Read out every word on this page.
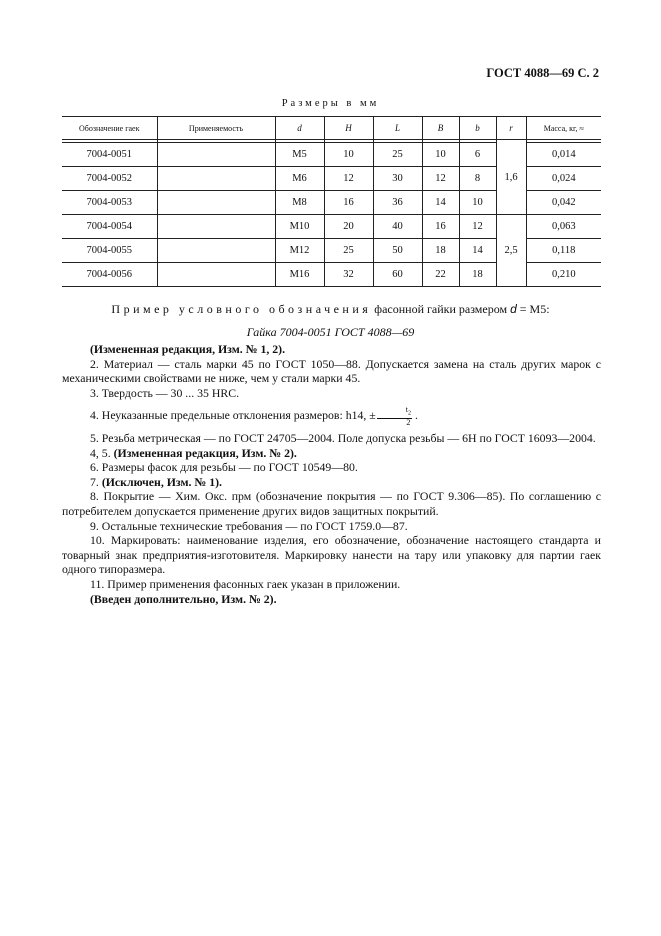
ГОСТ 4088—69 С. 2
Размеры в мм
Обозначение гаек	Применяемость	d	H	L	B	b	r	Масса, кг, ≈
							1,6	
7004-0051		M5	10	25	10	6		0,014
7004-0052		M6	12	30	12	8		0,024
7004-0053		M8	16	36	14	10		0,042
7004-0054		M10	20	40	16	12	2,5	0,063
7004-0055		M12	25	50	18	14		0,118
7004-0056		M16	32	60	22	18		0,210
Пример условного обозначения фасонной гайки размером d = M5:
Гайка 7004-0051 ГОСТ 4088—69

(Измененная редакция, Изм. № 1, 2).

2. Материал — сталь марки 45 по ГОСТ 1050—88. Допускается замена на сталь других марок с механическими свойствами не ниже, чем у стали марки 45.

3. Твердость — 30 ... 35 HRC.

4. Неуказанные предельные отклонения размеров: h14, ± $\frac{t_2}{2}$ .

5. Резьба метрическая — по ГОСТ 24705—2004. Поле допуска резьбы — 6H по ГОСТ 16093—2004.

4, 5. (Измененная редакция, Изм. № 2).

6. Размеры фасок для резьбы — по ГОСТ 10549—80.

7. (Исключен, Изм. № 1).

8. Покрытие — Хим. Окс. прм (обозначение покрытия — по ГОСТ 9.306—85). По соглашению с потребителем допускается применение других видов защитных покрытий.

9. Остальные технические требования — по ГОСТ 1759.0—87.

10. Маркировать: наименование изделия, его обозначение, обозначение настоящего стандарта и товарный знак предприятия-изготовителя. Маркировку нанести на тару или упаковку для партии гаек одного типоразмера.

11. Пример применения фасонных гаек указан в приложении.

(Введен дополнительно, Изм. № 2).
